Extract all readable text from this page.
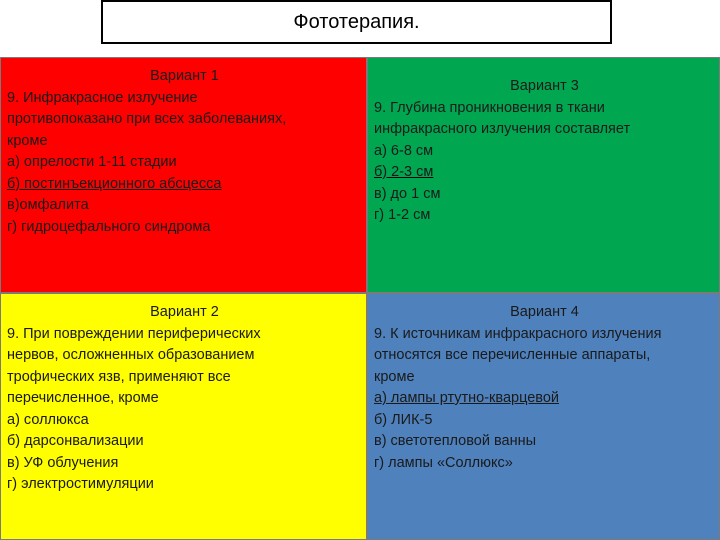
Фототерапия.
Вариант 1
9. Инфракрасное излучение
противопоказано при всех заболеваниях,
кроме
а) опрелости 1-11 стадии
б) постинъекционного абсцесса
в)омфалита
г) гидроцефального синдрома
Вариант 3
9. Глубина проникновения в ткани
инфракрасного излучения составляет
а) 6-8 см
б) 2-3 см
в) до 1 см
г) 1-2 см
Вариант 2
9. При повреждении периферических
нервов, осложненных образованием
трофических язв, применяют все
перечисленное, кроме
а) соллюкса
б) дарсонвализации
в) УФ облучения
г) электростимуляции
Вариант 4
9. К источникам инфракрасного излучения
относятся все перечисленные аппараты,
кроме
а) лампы ртутно-кварцевой
б) ЛИК-5
в) светотепловой ванны
г) лампы «Соллюкс»
